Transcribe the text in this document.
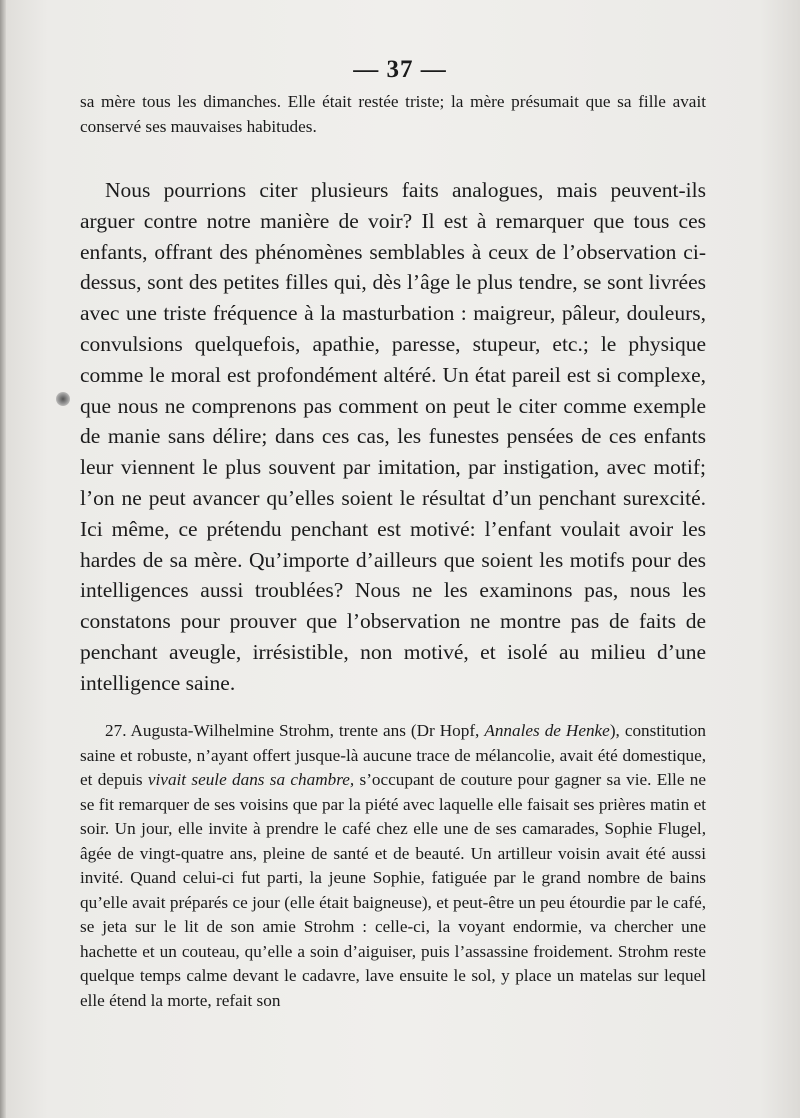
— 37 —

sa mère tous les dimanches. Elle était restée triste; la mère présumait que sa fille avait conservé ses mauvaises habitudes.

Nous pourrions citer plusieurs faits analogues, mais peuvent-ils arguer contre notre manière de voir? Il est à remarquer que tous ces enfants, offrant des phénomènes semblables à ceux de l’observation ci-dessus, sont des petites filles qui, dès l’âge le plus tendre, se sont livrées avec une triste fréquence à la masturbation : maigreur, pâleur, douleurs, convulsions quelquefois, apathie, paresse, stupeur, etc.; le physique comme le moral est profondément altéré. Un état pareil est si complexe, que nous ne comprenons pas comment on peut le citer comme exemple de manie sans délire; dans ces cas, les funestes pensées de ces enfants leur viennent le plus souvent par imitation, par instigation, avec motif; l’on ne peut avancer qu’elles soient le résultat d’un penchant surexcité. Ici même, ce prétendu penchant est motivé: l’enfant voulait avoir les hardes de sa mère. Qu’importe d’ailleurs que soient les motifs pour des intelligences aussi troublées? Nous ne les examinons pas, nous les constatons pour prouver que l’observation ne montre pas de faits de penchant aveugle, irrésistible, non motivé, et isolé au milieu d’une intelligence saine.

27. Augusta-Wilhelmine Strohm, trente ans (Dr Hopf, Annales de Henke), constitution saine et robuste, n’ayant offert jusque-là aucune trace de mélancolie, avait été domestique, et depuis vivait seule dans sa chambre, s’occupant de couture pour gagner sa vie. Elle ne se fit remarquer de ses voisins que par la piété avec laquelle elle faisait ses prières matin et soir. Un jour, elle invite à prendre le café chez elle une de ses camarades, Sophie Flugel, âgée de vingt-quatre ans, pleine de santé et de beauté. Un artilleur voisin avait été aussi invité. Quand celui-ci fut parti, la jeune Sophie, fatiguée par le grand nombre de bains qu’elle avait préparés ce jour (elle était baigneuse), et peut-être un peu étourdie par le café, se jeta sur le lit de son amie Strohm : celle-ci, la voyant endormie, va chercher une hachette et un couteau, qu’elle a soin d’aiguiser, puis l’assassine froidement. Strohm reste quelque temps calme devant le cadavre, lave ensuite le sol, y place un matelas sur lequel elle étend la morte, refait son
